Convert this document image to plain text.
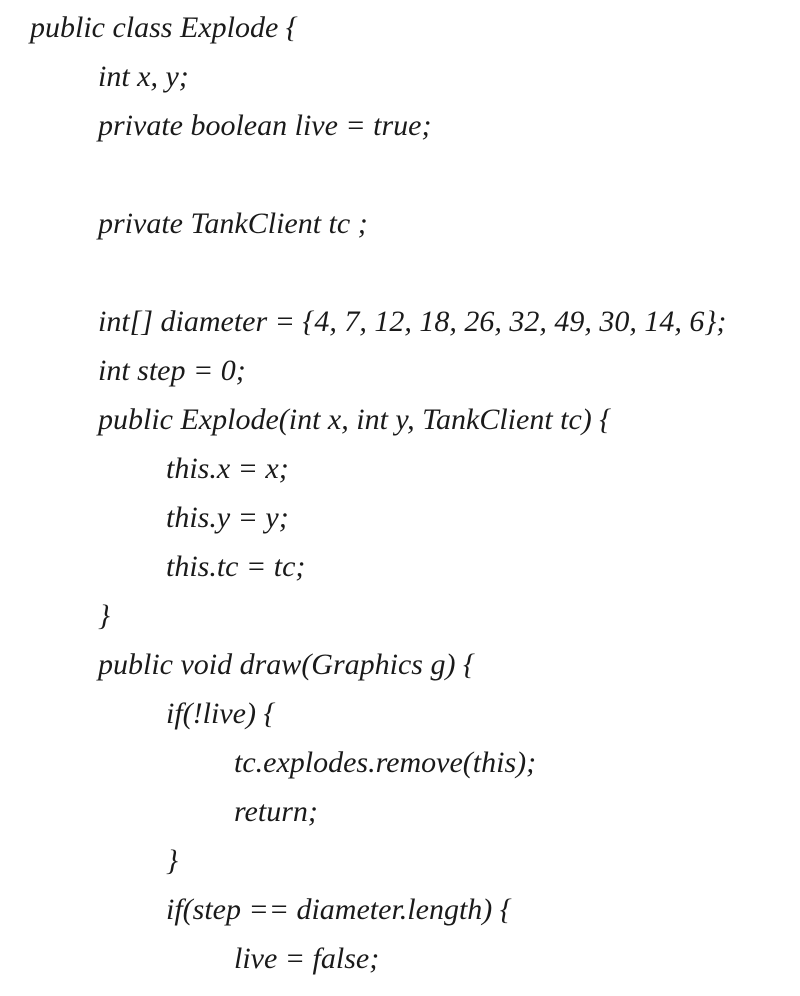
public class Explode {
int x, y;
private boolean live = true;
private TankClient tc ;
int[] diameter = {4, 7, 12, 18, 26, 32, 49, 30, 14, 6};
int step = 0;
public Explode(int x, int y, TankClient tc) {
this.x = x;
this.y = y;
this.tc = tc;
}
public void draw(Graphics g) {
if(!live) {
tc.explodes.remove(this);
return;
}
if(step == diameter.length) {
live = false;
